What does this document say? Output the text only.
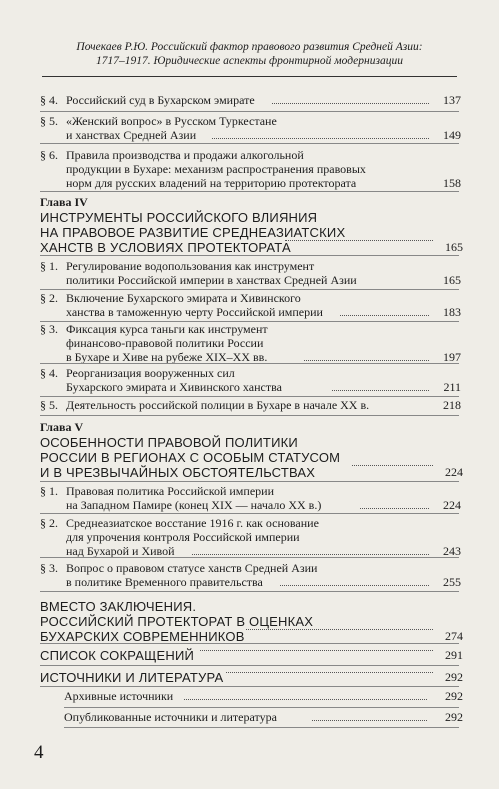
Почекаев Р.Ю. Российский фактор правового развития Средней Азии:
1717–1917. Юридические аспекты фронтирной модернизации
§ 4. Российский суд в Бухарском эмирате	137
§ 5. «Женский вопрос» в Русском Туркестане
и ханствах Средней Азии	149
§ 6. Правила производства и продажи алкогольной
продукции в Бухаре: механизм распространения правовых
норм для русских владений на территорию протектората	158
Глава IV
ИНСТРУМЕНТЫ РОССИЙСКОГО ВЛИЯНИЯ
НА ПРАВОВОЕ РАЗВИТИЕ СРЕДНЕАЗИАТСКИХ
ХАНСТВ В УСЛОВИЯХ ПРОТЕКТОРАТА	165
§ 1. Регулирование водопользования как инструмент
политики Российской империи в ханствах Средней Азии	165
§ 2. Включение Бухарского эмирата и Хивинского
ханства в таможенную черту Российской империи	183
§ 3. Фиксация курса таньги как инструмент
финансово-правовой политики России
в Бухаре и Хиве на рубеже XIX–XX вв.	197
§ 4. Реорганизация вооруженных сил
Бухарского эмирата и Хивинского ханства	211
§ 5. Деятельность российской полиции в Бухаре в начале XX в.	218
Глава V
ОСОБЕННОСТИ ПРАВОВОЙ ПОЛИТИКИ
РОССИИ В РЕГИОНАХ С ОСОБЫМ СТАТУСОМ
И В ЧРЕЗВЫЧАЙНЫХ ОБСТОЯТЕЛЬСТВАХ	224
§ 1. Правовая политика Российской империи
на Западном Памире (конец XIX — начало XX в.)	224
§ 2. Среднеазиатское восстание 1916 г. как основание
для упрочения контроля Российской империи
над Бухарой и Хивой	243
§ 3. Вопрос о правовом статусе ханств Средней Азии
в политике Временного правительства	255
ВМЕСТО ЗАКЛЮЧЕНИЯ.
РОССИЙСКИЙ ПРОТЕКТОРАТ В ОЦЕНКАХ
БУХАРСКИХ СОВРЕМЕННИКОВ	274
СПИСОК СОКРАЩЕНИЙ	291
ИСТОЧНИКИ И ЛИТЕРАТУРА	292
Архивные источники	292
Опубликованные источники и литература	292
4
